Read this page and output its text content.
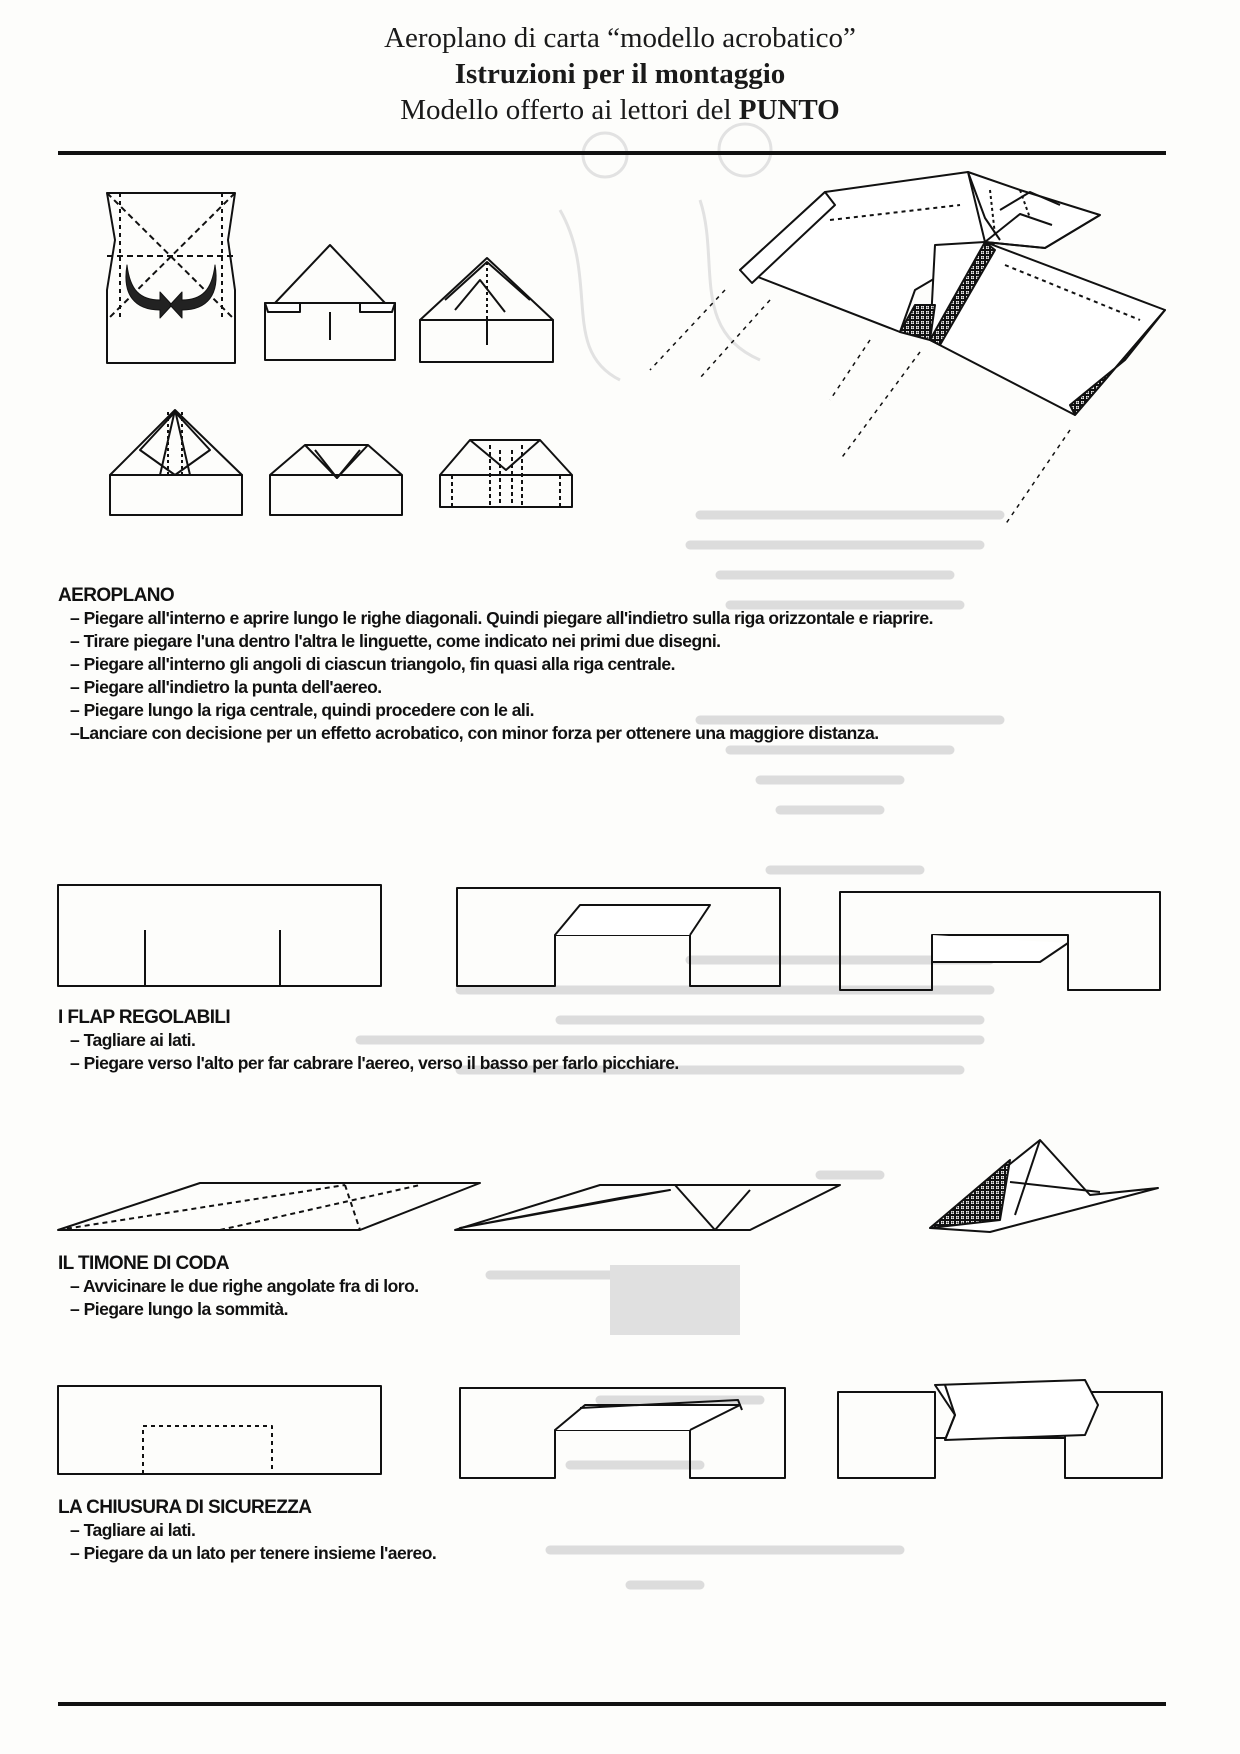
Aeroplano di carta “modello acrobatico”
Istruzioni per il montaggio
Modello offerto ai lettori del PUNTO
AEROPLANO
– Piegare all'interno e aprire lungo le righe diagonali. Quindi piegare all'indietro sulla riga orizzontale e riaprire.
– Tirare piegare l'una dentro l'altra le linguette, come indicato nei primi due disegni.
– Piegare all'interno gli angoli di ciascun triangolo, fin quasi alla riga centrale.
– Piegare all'indietro la punta dell'aereo.
– Piegare lungo la riga centrale, quindi procedere con le ali.
–Lanciare con decisione per un effetto acrobatico, con minor forza per ottenere una maggiore distanza.
I FLAP REGOLABILI
– Tagliare ai lati.
– Piegare verso l'alto per far cabrare l'aereo, verso il basso per farlo picchiare.
IL TIMONE DI CODA
– Avvicinare le due righe angolate fra di loro.
– Piegare lungo la sommità.
LA CHIUSURA DI SICUREZZA
– Tagliare ai lati.
– Piegare da un lato per tenere insieme l'aereo.
